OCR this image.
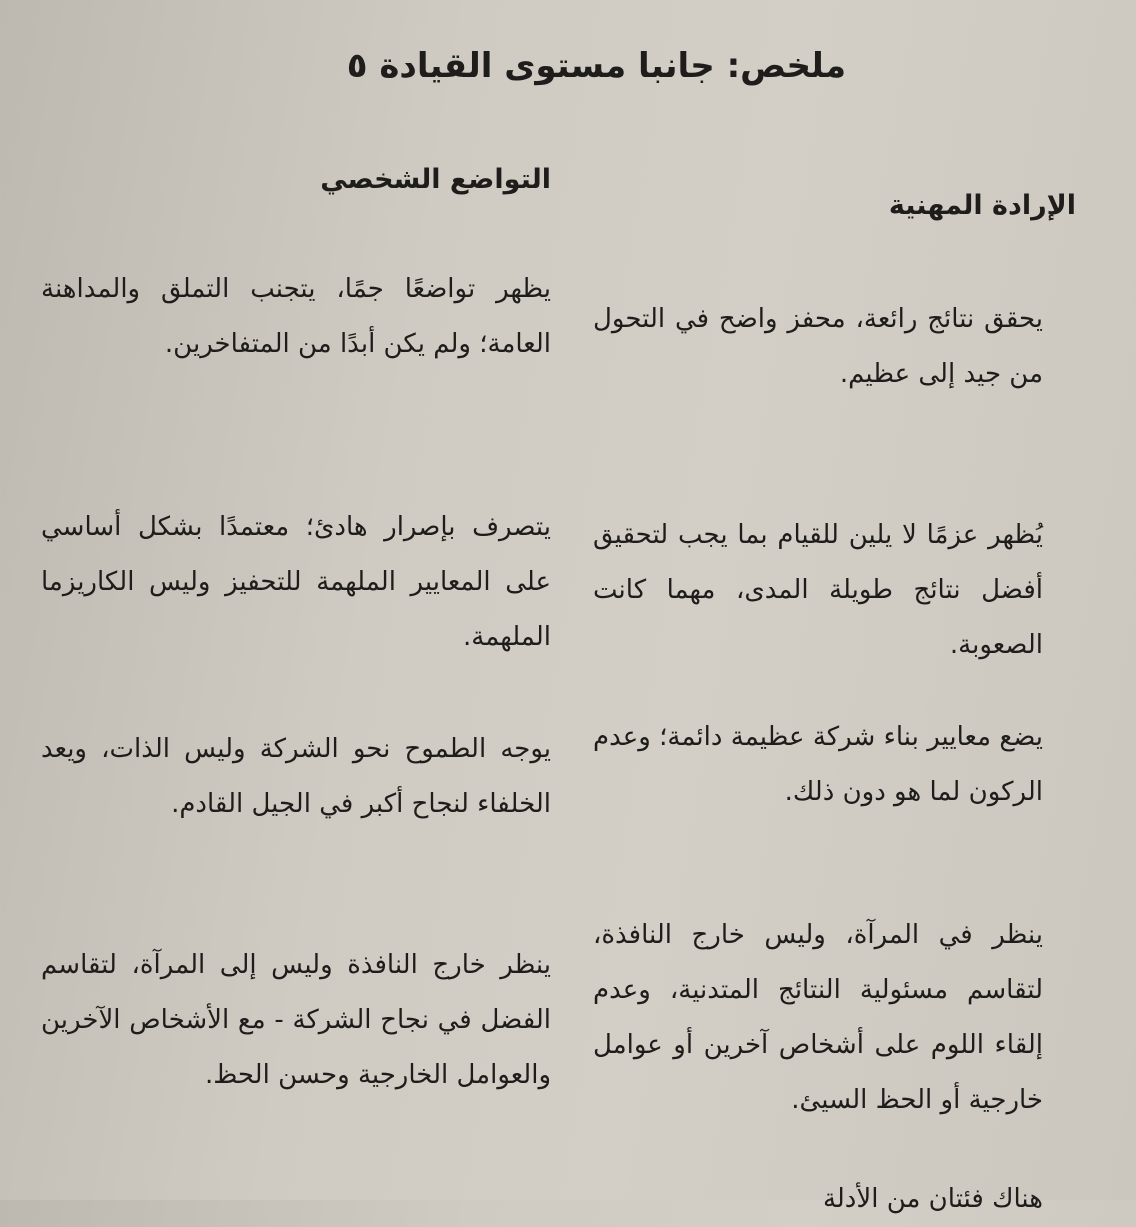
ملخص: جانبا مستوى القيادة ٥
الإرادة المهنية
التواضع الشخصي
يحقق نتائج رائعة، محفز واضح في التحول من جيد إلى عظيم.
يُظهر عزمًا لا يلين للقيام بما يجب لتحقيق أفضل نتائج طويلة المدى، مهما كانت الصعوبة.
يضع معايير بناء شركة عظيمة دائمة؛ وعدم الركون لما هو دون ذلك.
ينظر في المرآة، وليس خارج النافذة، لتقاسم مسئولية النتائج المتدنية، وعدم إلقاء اللوم على أشخاص آخرين أو عوامل خارجية أو الحظ السيئ.
هناك فئتان من الأدلة
يظهر تواضعًا جمًا، يتجنب التملق والمداهنة العامة؛ ولم يكن أبدًا من المتفاخرين.
يتصرف بإصرار هادئ؛ معتمدًا بشكل أساسي على المعايير الملهمة للتحفيز وليس الكاريزما الملهمة.
يوجه الطموح نحو الشركة وليس الذات، ويعد الخلفاء لنجاح أكبر في الجيل القادم.
ينظر خارج النافذة وليس إلى المرآة، لتقاسم الفضل في نجاح الشركة - مع الأشخاص الآخرين والعوامل الخارجية وحسن الحظ.
